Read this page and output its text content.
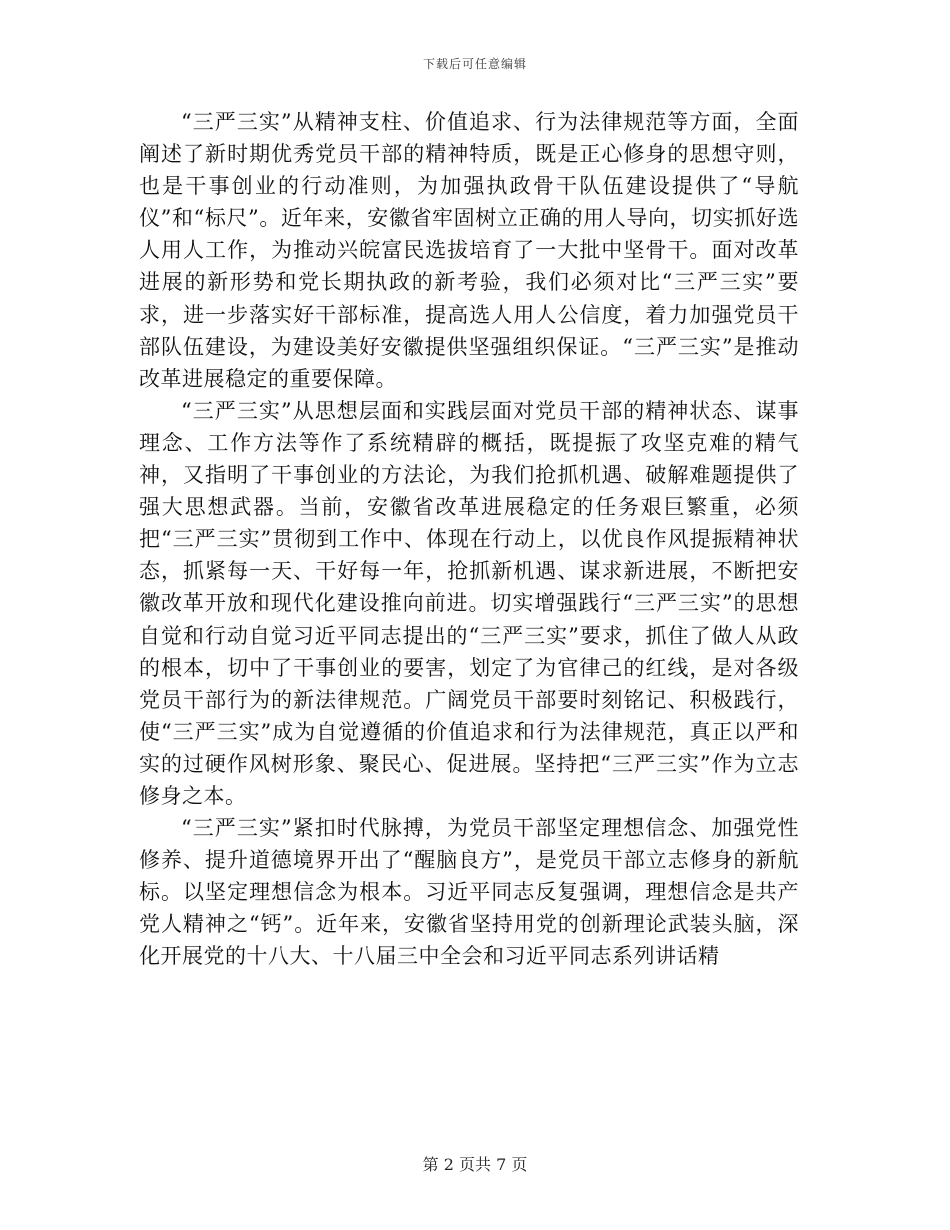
下载后可任意编辑

“三严三实”从精神支柱、价值追求、行为法律规范等方面，全面阐述了新时期优秀党员干部的精神特质，既是正心修身的思想守则，也是干事创业的行动准则，为加强执政骨干队伍建设提供了“导航仪”和“标尺”。近年来，安徽省牢固树立正确的用人导向，切实抓好选人用人工作，为推动兴皖富民选拔培育了一大批中坚骨干。面对改革进展的新形势和党长期执政的新考验，我们必须对比“三严三实”要求，进一步落实好干部标准，提高选人用人公信度，着力加强党员干部队伍建设，为建设美好安徽提供坚强组织保证。“三严三实”是推动改革进展稳定的重要保障。

“三严三实”从思想层面和实践层面对党员干部的精神状态、谋事理念、工作方法等作了系统精辟的概括，既提振了攻坚克难的精气神，又指明了干事创业的方法论，为我们抢抓机遇、破解难题提供了强大思想武器。当前，安徽省改革进展稳定的任务艰巨繁重，必须把“三严三实”贯彻到工作中、体现在行动上，以优良作风提振精神状态，抓紧每一天、干好每一年，抢抓新机遇、谋求新进展，不断把安徽改革开放和现代化建设推向前进。切实增强践行“三严三实”的思想自觉和行动自觉习近平同志提出的“三严三实”要求，抓住了做人从政的根本，切中了干事创业的要害，划定了为官律己的红线，是对各级党员干部行为的新法律规范。广阔党员干部要时刻铭记、积极践行，使“三严三实”成为自觉遵循的价值追求和行为法律规范，真正以严和实的过硬作风树形象、聚民心、促进展。坚持把“三严三实”作为立志修身之本。

“三严三实”紧扣时代脉搏，为党员干部坚定理想信念、加强党性修养、提升道德境界开出了“醒脑良方”，是党员干部立志修身的新航标。以坚定理想信念为根本。习近平同志反复强调，理想信念是共产党人精神之“钙”。近年来，安徽省坚持用党的创新理论武装头脑，深化开展党的十八大、十八届三中全会和习近平同志系列讲话精

第 2 页共 7 页
